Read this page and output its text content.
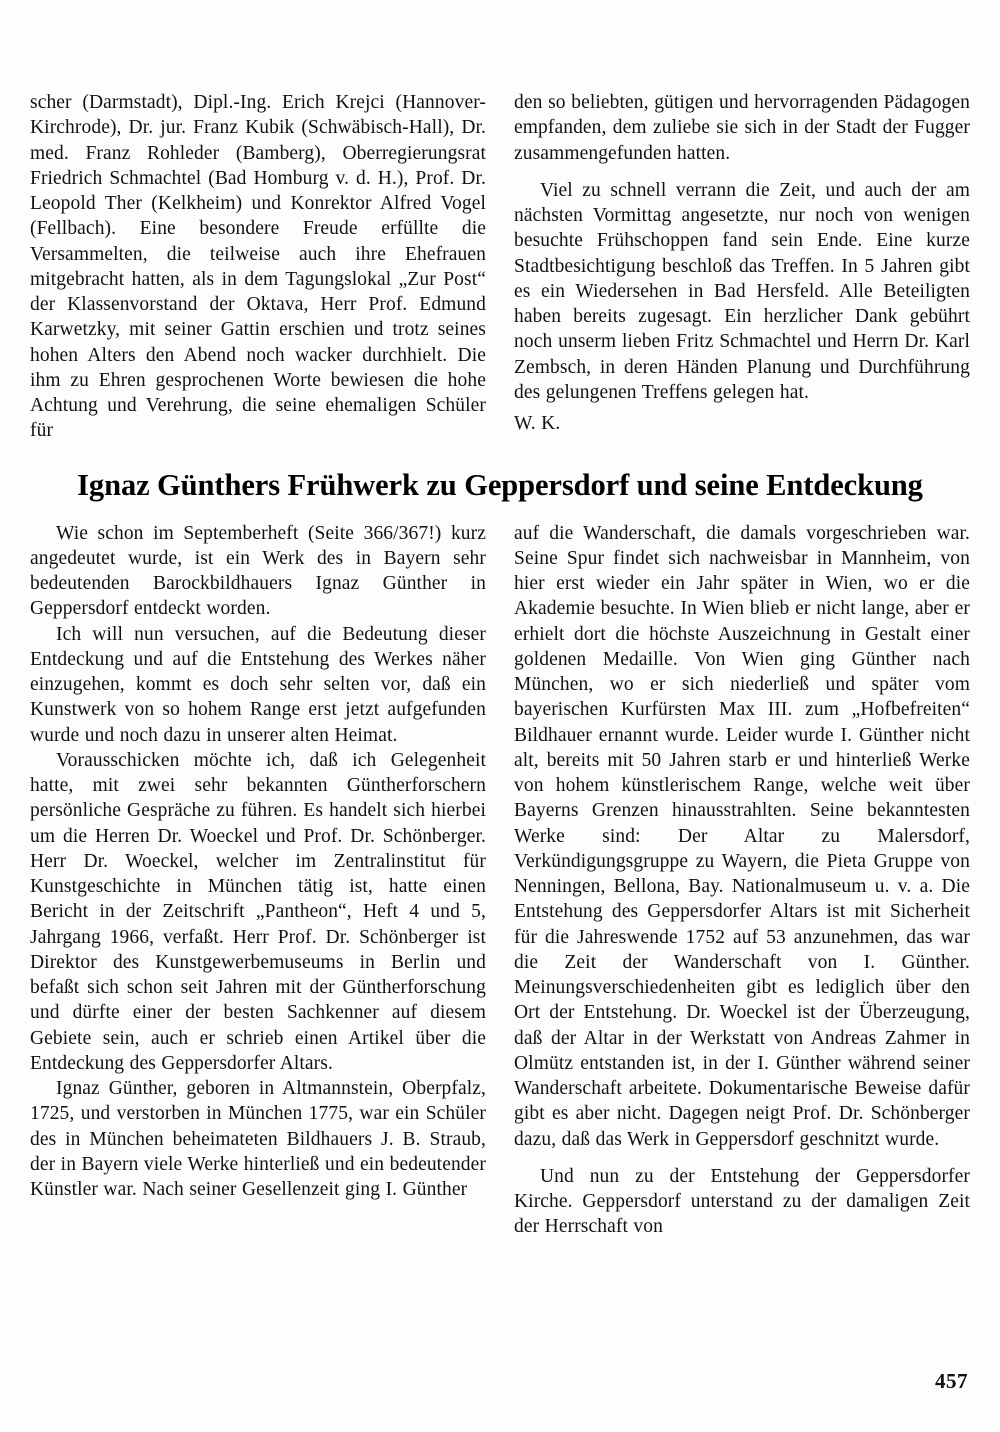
scher (Darmstadt), Dipl.-Ing. Erich Krejci (Hannover-Kirchrode), Dr. jur. Franz Kubik (Schwäbisch-Hall), Dr. med. Franz Rohleder (Bamberg), Oberregierungsrat Friedrich Schmachtel (Bad Homburg v. d. H.), Prof. Dr. Leopold Ther (Kelkheim) und Konrektor Alfred Vogel (Fellbach). Eine besondere Freude erfüllte die Versammelten, die teilweise auch ihre Ehefrauen mitgebracht hatten, als in dem Tagungslokal „Zur Post“ der Klassenvorstand der Oktava, Herr Prof. Edmund Karwetzky, mit seiner Gattin erschien und trotz seines hohen Alters den Abend noch wacker durchhielt. Die ihm zu Ehren gesprochenen Worte bewiesen die hohe Achtung und Verehrung, die seine ehemaligen Schüler für

den so beliebten, gütigen und hervorragenden Pädagogen empfanden, dem zuliebe sie sich in der Stadt der Fugger zusammengefunden hatten.

Viel zu schnell verrann die Zeit, und auch der am nächsten Vormittag angesetzte, nur noch von wenigen besuchte Frühschoppen fand sein Ende. Eine kurze Stadtbesichtigung beschloß das Treffen. In 5 Jahren gibt es ein Wiedersehen in Bad Hersfeld. Alle Beteiligten haben bereits zugesagt. Ein herzlicher Dank gebührt noch unserm lieben Fritz Schmachtel und Herrn Dr. Karl Zembsch, in deren Händen Planung und Durchführung des gelungenen Treffens gelegen hat.

W. K.

Ignaz Günthers Frühwerk zu Geppersdorf und seine Entdeckung

Wie schon im Septemberheft (Seite 366/367!) kurz angedeutet wurde, ist ein Werk des in Bayern sehr bedeutenden Barockbildhauers Ignaz Günther in Geppersdorf entdeckt worden.

Ich will nun versuchen, auf die Bedeutung dieser Entdeckung und auf die Entstehung des Werkes näher einzugehen, kommt es doch sehr selten vor, daß ein Kunstwerk von so hohem Range erst jetzt aufgefunden wurde und noch dazu in unserer alten Heimat.

Vorausschicken möchte ich, daß ich Gelegenheit hatte, mit zwei sehr bekannten Güntherforschern persönliche Gespräche zu führen. Es handelt sich hierbei um die Herren Dr. Woeckel und Prof. Dr. Schönberger. Herr Dr. Woeckel, welcher im Zentralinstitut für Kunstgeschichte in München tätig ist, hatte einen Bericht in der Zeitschrift „Pantheon“, Heft 4 und 5, Jahrgang 1966, verfaßt. Herr Prof. Dr. Schönberger ist Direktor des Kunstgewerbemuseums in Berlin und befaßt sich schon seit Jahren mit der Güntherforschung und dürfte einer der besten Sachkenner auf diesem Gebiete sein, auch er schrieb einen Artikel über die Entdeckung des Geppersdorfer Altars.

Ignaz Günther, geboren in Altmannstein, Oberpfalz, 1725, und verstorben in München 1775, war ein Schüler des in München beheimateten Bildhauers J. B. Straub, der in Bayern viele Werke hinterließ und ein bedeutender Künstler war. Nach seiner Gesellenzeit ging I. Günther

auf die Wanderschaft, die damals vorgeschrieben war. Seine Spur findet sich nachweisbar in Mannheim, von hier erst wieder ein Jahr später in Wien, wo er die Akademie besuchte. In Wien blieb er nicht lange, aber er erhielt dort die höchste Auszeichnung in Gestalt einer goldenen Medaille. Von Wien ging Günther nach München, wo er sich niederließ und später vom bayerischen Kurfürsten Max III. zum „Hofbefreiten“ Bildhauer ernannt wurde. Leider wurde I. Günther nicht alt, bereits mit 50 Jahren starb er und hinterließ Werke von hohem künstlerischem Range, welche weit über Bayerns Grenzen hinausstrahlten. Seine bekanntesten Werke sind: Der Altar zu Malersdorf, Verkündigungsgruppe zu Wayern, die Pieta Gruppe von Nenningen, Bellona, Bay. Nationalmuseum u. v. a. Die Entstehung des Geppersdorfer Altars ist mit Sicherheit für die Jahreswende 1752 auf 53 anzunehmen, das war die Zeit der Wanderschaft von I. Günther. Meinungsverschiedenheiten gibt es lediglich über den Ort der Entstehung. Dr. Woeckel ist der Überzeugung, daß der Altar in der Werkstatt von Andreas Zahmer in Olmütz entstanden ist, in der I. Günther während seiner Wanderschaft arbeitete. Dokumentarische Beweise dafür gibt es aber nicht. Dagegen neigt Prof. Dr. Schönberger dazu, daß das Werk in Geppersdorf geschnitzt wurde.

Und nun zu der Entstehung der Geppersdorfer Kirche. Geppersdorf unterstand zu der damaligen Zeit der Herrschaft von

457
